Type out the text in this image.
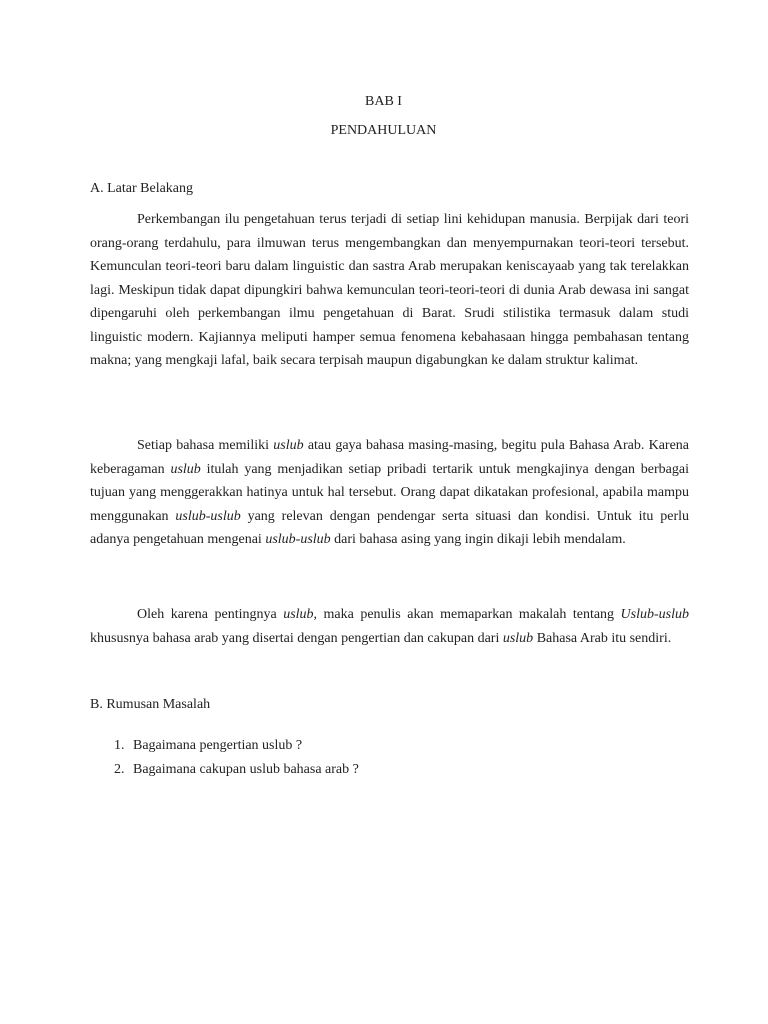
BAB I
PENDAHULUAN
A. Latar Belakang

Perkembangan ilu pengetahuan terus terjadi di setiap lini kehidupan manusia. Berpijak dari teori orang-orang terdahulu, para ilmuwan terus mengembangkan dan menyempurnakan teori-teori tersebut. Kemunculan teori-teori baru dalam linguistic dan sastra Arab merupakan keniscayaab yang tak terelakkan lagi. Meskipun tidak dapat dipungkiri bahwa kemunculan teori-teori-teori di dunia Arab dewasa ini sangat dipengaruhi oleh perkembangan ilmu pengetahuan di Barat. Srudi stilistika termasuk dalam studi linguistic modern. Kajiannya meliputi hamper semua fenomena kebahasaan hingga pembahasan tentang makna; yang mengkaji lafal, baik secara terpisah maupun digabungkan ke dalam struktur kalimat.

Setiap bahasa memiliki uslub atau gaya bahasa masing-masing, begitu pula Bahasa Arab. Karena keberagaman uslub itulah yang menjadikan setiap pribadi tertarik untuk mengkajinya dengan berbagai tujuan yang menggerakkan hatinya untuk hal tersebut. Orang dapat dikatakan profesional, apabila mampu menggunakan uslub-uslub yang relevan dengan pendengar serta situasi dan kondisi. Untuk itu perlu adanya pengetahuan mengenai uslub-uslub dari bahasa asing yang ingin dikaji lebih mendalam.

Oleh karena pentingnya uslub, maka penulis akan memaparkan makalah tentang Uslub-uslub khususnya bahasa arab yang disertai dengan pengertian dan cakupan dari uslub Bahasa Arab itu sendiri.

B. Rumusan Masalah
1. Bagaimana pengertian uslub ?
2. Bagaimana cakupan uslub bahasa arab ?
